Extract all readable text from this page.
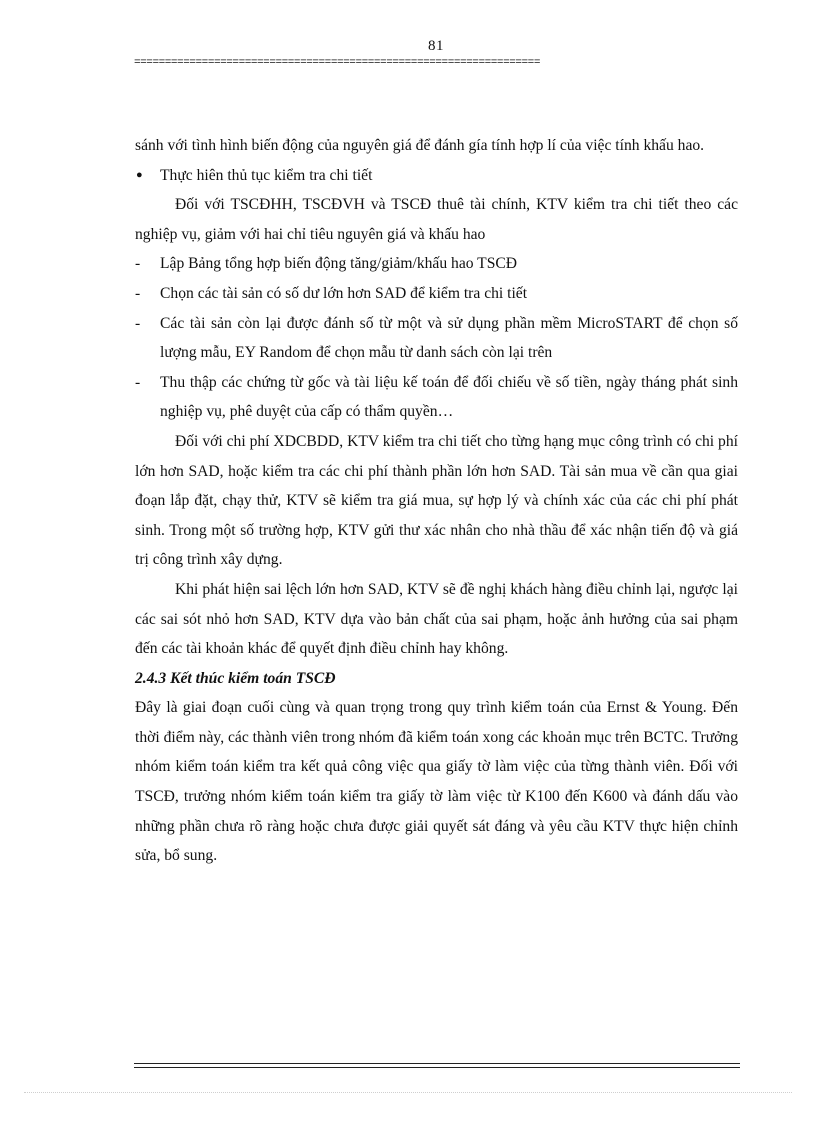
81
==================================================================

sánh với tình hình biến động của nguyên giá để đánh gía tính hợp lí của việc tính khấu hao.

●	Thực hiên thủ tục kiểm tra chi tiết

Đối với TSCĐHH, TSCĐVH và TSCĐ thuê tài chính, KTV kiểm tra chi tiết theo các nghiệp vụ, giảm với hai chỉ tiêu nguyên giá và khấu hao

-	Lập Bảng tổng hợp biến động tăng/giảm/khấu hao TSCĐ

-	Chọn các tài sản có số dư lớn hơn SAD để kiểm tra chi tiết

-	Các tài sản còn lại được đánh số từ một và sử dụng phần mềm MicroSTART để chọn số lượng mẫu, EY Random để chọn mẫu từ danh sách còn lại trên

-	Thu thập các chứng từ gốc và tài liệu kế toán để đối chiếu về số tiền, ngày tháng phát sinh nghiệp vụ, phê duyệt của cấp có thẩm quyền…

Đối với chi phí XDCBDD, KTV kiểm tra chi tiết cho từng hạng mục công trình có chi phí lớn hơn SAD, hoặc kiểm tra các chi phí thành phần lớn hơn SAD. Tài sản mua về cần qua giai đoạn lắp đặt, chạy thử, KTV sẽ kiểm tra giá mua, sự hợp lý và chính xác của các chi phí phát sinh. Trong một số trường hợp, KTV gửi thư xác nhân cho nhà thầu để xác nhận tiến độ và giá trị công trình xây dựng.

Khi phát hiện sai lệch lớn hơn SAD, KTV sẽ đề nghị khách hàng điều chỉnh lại, ngược lại các sai sót nhỏ hơn SAD, KTV dựa vào bản chất của sai phạm, hoặc ảnh hưởng của sai phạm đến các tài khoản khác để quyết định điều chỉnh hay không.

2.4.3 Kết thúc kiểm toán TSCĐ

Đây là giai đoạn cuối cùng và quan trọng trong quy trình kiểm toán của Ernst & Young. Đến thời điểm này, các thành viên trong nhóm đã kiểm toán xong các khoản mục trên BCTC. Trưởng nhóm kiểm toán kiểm tra kết quả công việc qua giấy tờ làm việc của từng thành viên. Đối với TSCĐ, trưởng nhóm kiểm toán kiểm tra giấy tờ làm việc từ K100 đến K600 và đánh dấu vào những phần chưa rõ ràng hoặc chưa được giải quyết sát đáng và yêu cầu KTV thực hiện chỉnh sửa, bổ sung.
